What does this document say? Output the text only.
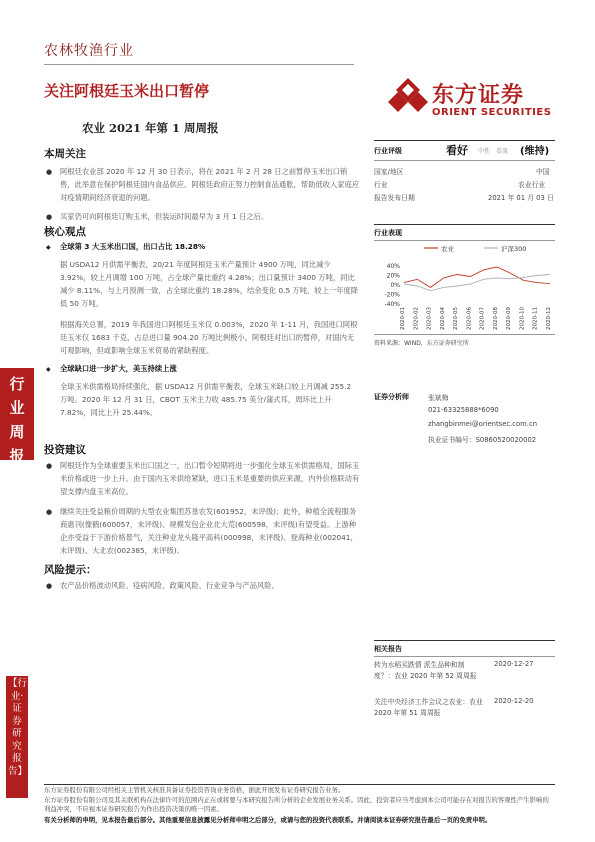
农林牧渔行业
关注阿根廷玉米出口暂停
农业 2021 年第 1 周周报
东方证券
ORIENT SECURITIES
行业周报
【行业·证券研究报告】
本周关注
● 阿根廷农业部 2020 年 12 月 30 日表示，将在 2021 年 2 月 28 日之前暂停玉米出口销售，此举意在保护阿根廷国内食品供应。阿根廷政府正努力控制食品通胀，帮助低收入家庭应对疫情期间经济衰退的问题。
● 买家仍可向阿根廷订购玉米，但装运时间最早为 3 月 1 日之后。
核心观点
◆ 全球第 3 大玉米出口国，出口占比 18.28%
据 USDA12 月供需平衡表，20/21 年度阿根廷玉米产量预计 4900 万吨，同比减少 3.92%，较上月调增 100 万吨，占全球产量比重约 4.28%；出口量预计 3400 万吨，同比减少 8.11%，与上月预测一致，占全球比重约 18.28%，结余变化 0.5 万吨，较上一年度降低 50 万吨。
根据海关总署，2019 年我国进口阿根廷玉米仅 0.003%，2020 年 1-11 月，我国进口阿根廷玉米仅 1683 千克，占总进口量 904.20 万吨比例极小，阿根廷对出口的暂停，对国内无可观影响，但或影响全球玉米贸易的紧缺程度。
◆ 全球缺口进一步扩大，美玉持续上涨
全球玉米供需格局持续强化，据 USDA12 月供需平衡表，全球玉米缺口较上月调减 255.2 万吨。2020 年 12 月 31 日，CBOT 玉米主力收 485.75 美分/蒲式耳，周环比上升 7.82%，同比上升 25.44%。
投资建议
● 阿根廷作为全球重要玉米出口国之一，出口暂令短期将进一步强化全球玉米供需格局，国际玉米价格或进一步上升。由于国内玉米供给紧缺，进口玉米是重要的供应来源，内外价格联动有望支撑内盘玉米高位。
● 继续关注受益粮价周期的大型农业集团苏垦农发(601952，未评级)；此外，种植全流程服务商惠刊(像鹤(600057，未评级)、规模发包企业北大荒(600598，未评级)有望受益。上游种企亦受益于下游价格景气，关注种业龙头隆平高科(000998，未评级)、登海种业(002041，未评级)、大北农(002385，未评级)。
风险提示：
● 农产品价格波动风险、疫病风险、政策风险、行业竞争与产品风险。
行业评级	看好 中性　看淡 (维持)
国家/地区	中国
行业	农业行业
报告发布日期	2021 年 01 月 03 日
行业表现
农业	沪深300
40%
20%
0%
-20%
-40%
2020-01 2020-02 2020-03 2020-04 2020-05 2020-06 2020-07 2020-08 2020-09 2020-10 2020-11 2020-12
资料来源：WIND，东方证券研究所
证券分析师	张斌梅
021-63325888*6090
zhangbinmei@orientsec.com.cn
执业证书编号：S0860520020002
相关报告
转为水稻买跌情 派生品种和制度？：农业 2020 年第 52 周周报
2020-12-27
关注中央经济工作会议之农业：农业 2020 年第 51 周周报
2020-12-20
东方证券股份有限公司经相关主管机关核准具备证券投资咨询业务资格，据此开展发布证券研究报告业务。
东方证券股份有限公司及其关联机构在法律许可的范围内正在或将要与本研究报告所分析的企业发展业务关系。因此，投资者应当考虑到本公司可能存在对报告的客观性产生影响的利益冲突，不应视本证券研究报告为作出投资决策的唯一因素。
有关分析师的申明，见本报告最后部分。其他重要信息披露见分析师申明之后部分，或请与您的投资代表联系。并请阅读本证券研究报告最后一页的免责申明。
